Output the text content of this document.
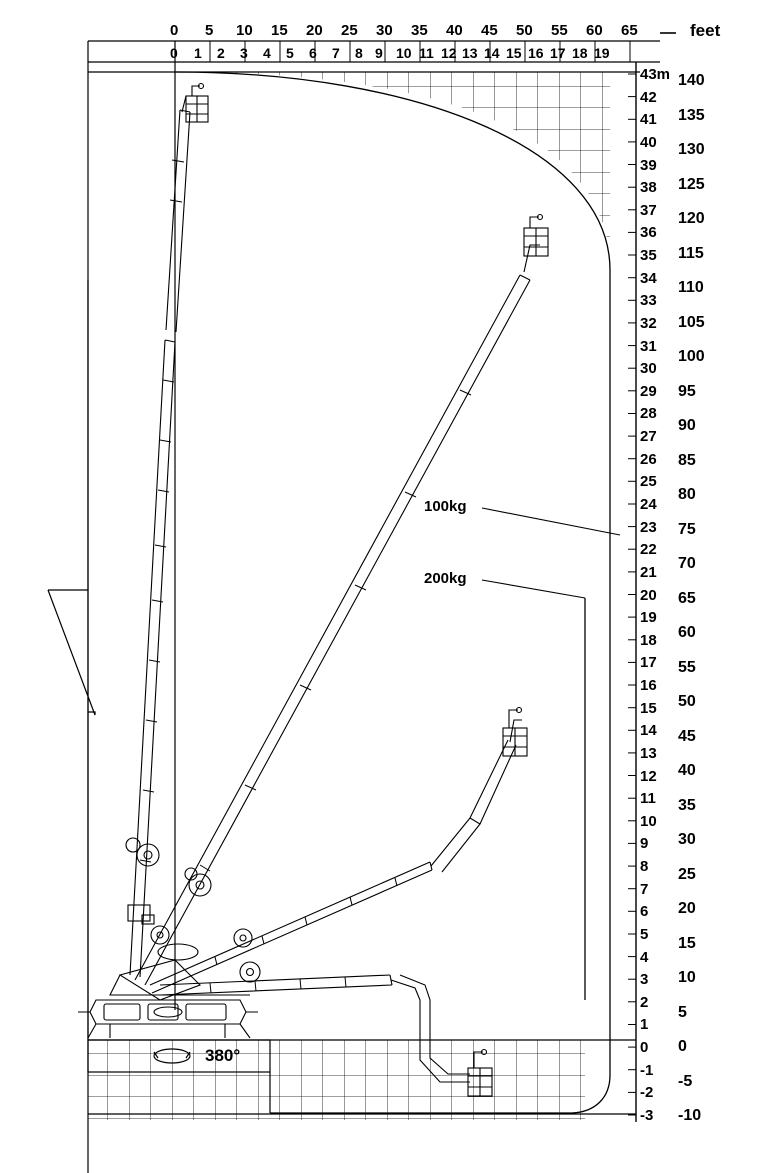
0 5 10 15 20 25 30 35 40 45 50 55 60 65	feet
0 1 2 3 4 5 6 7 8 9 10 11 12 13 14 15 16 17 18 19
100kg
200kg
380°
43m
42
41
40
39
38
37
36
35
34
33
32
31
30
29
28
27
26
25
24
23
22
21
20
19
18
17
16
15
14
13
12
11
10
9
8
7
6
5
4
3
2
1
0
-1
-2
-3
140
135
130
125
120
115
110
105
100
95
90
85
80
75
70
65
60
55
50
45
40
35
30
25
20
15
10
5
0
-5
-10
